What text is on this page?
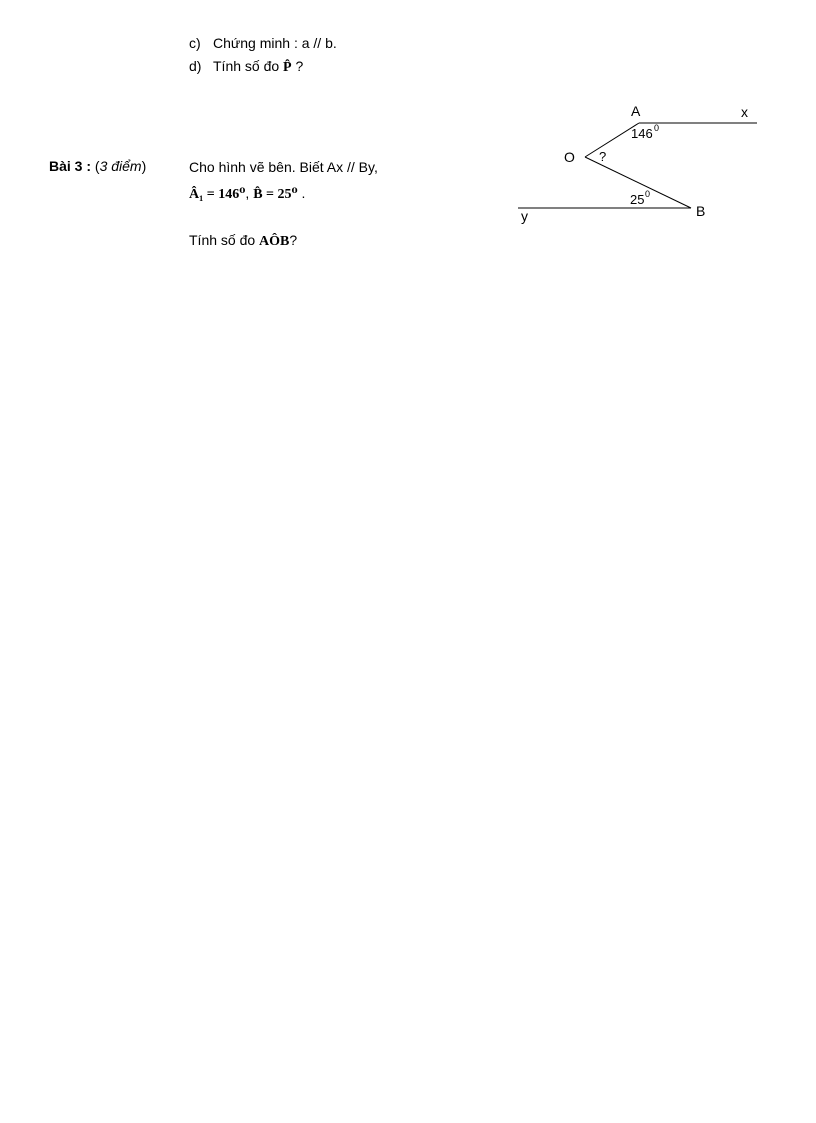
c) Chứng minh : a // b.
d) Tính số đo P̂ ?
Bài 3 : (3 điểm)	Cho hình vẽ bên. Biết Ax // By,
Â₁ = 146⁰, B̂ = 25⁰ .
Tính số đo AÔB?
A	x
O
B
y
146 0
?
25 0
